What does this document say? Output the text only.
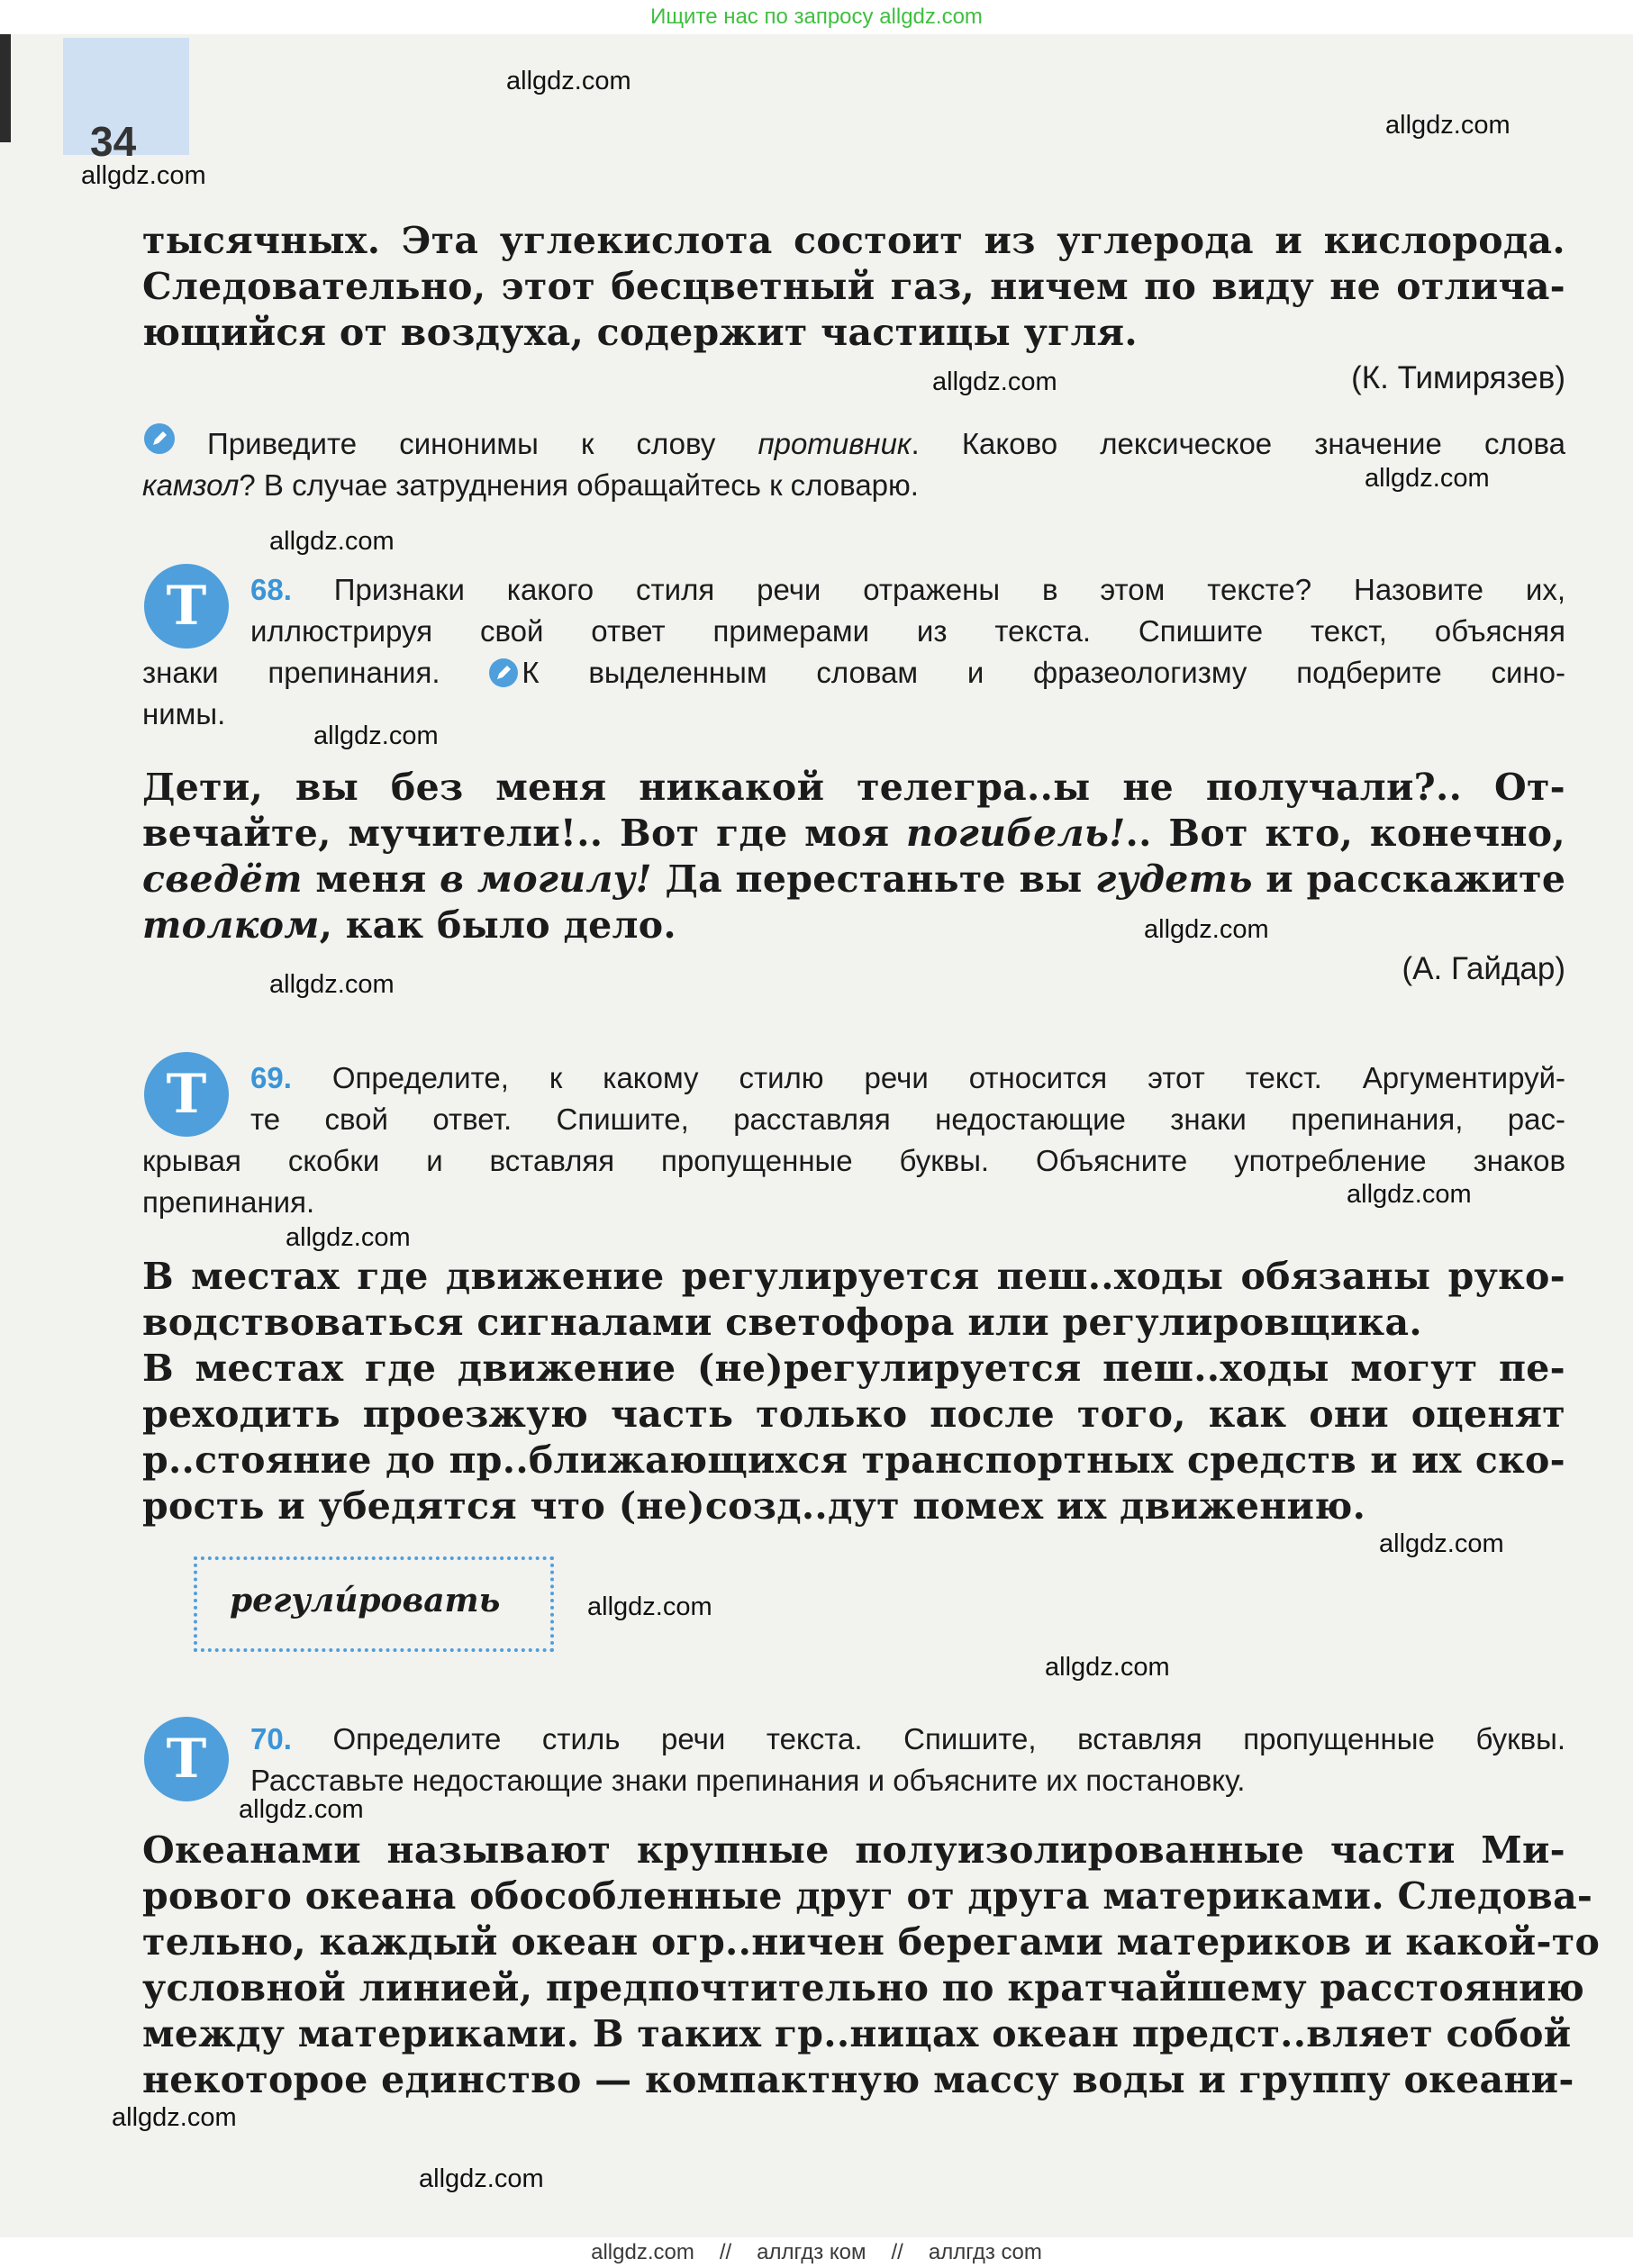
Ищите нас по запросу allgdz.com
34
тысячных. Эта углекислота состоит из углерода и кислорода.
Следовательно, этот бесцветный газ, ничем по виду не отлича-
ющийся от воздуха, содержит частицы угля.
(К. Тимирязев)
Приведите синонимы к слову противник. Каково лексическое значение слова
камзол? В случае затруднения обращайтесь к словарю.
T	68. Признаки какого стиля речи отражены в этом тексте? Назовите их,
иллюстрируя свой ответ примерами из текста. Спишите текст, объясняя
знаки препинания.	К выделенным словам и фразеологизму подберите сино-
нимы.
Дети, вы без меня никакой телегра..ы не получали?.. От-
вечайте, мучители!.. Вот где моя погибель!.. Вот кто, конечно,
сведёт меня в могилу! Да перестаньте вы гудеть и расскажите
толком, как было дело.
(А. Гайдар)
T	69. Определите, к какому стилю речи относится этот текст. Аргументируй-
те свой ответ. Спишите, расставляя недостающие знаки препинания, рас-
крывая скобки и вставляя пропущенные буквы. Объясните употребление знаков
препинания.
В местах где движение регулируется пеш..ходы обязаны руко-
водствоваться сигналами светофора или регулировщика.
В местах где движение (не)регулируется пеш..ходы могут пе-
реходить проезжую часть только после того, как они оценят
р..стояние до пр..ближающихся транспортных средств и их ско-
рость и убедятся что (не)созд..дут помех их движению.
регули́ровать
T	70. Определите стиль речи текста. Спишите, вставляя пропущенные буквы.
Расставьте недостающие знаки препинания и объясните их постановку.
Океанами называют крупные полуизолированные части Ми-
рового океана обособленные друг от друга материками. Следова-
тельно, каждый океан огр..ничен берегами материков и какой-то
условной линией, предпочтительно по кратчайшему расстоянию
между материками. В таких гр..ницах океан предст..вляет собой
некоторое единство — компактную массу воды и группу океани-
allgdz.com
allgdz.com
allgdz.com
allgdz.com
allgdz.com
allgdz.com
allgdz.com
allgdz.com
allgdz.com
allgdz.com
allgdz.com
allgdz.com
allgdz.com
allgdz.com
allgdz.com
allgdz.com
allgdz.com
allgdz.com // аллгдз ком // аллгдз com
